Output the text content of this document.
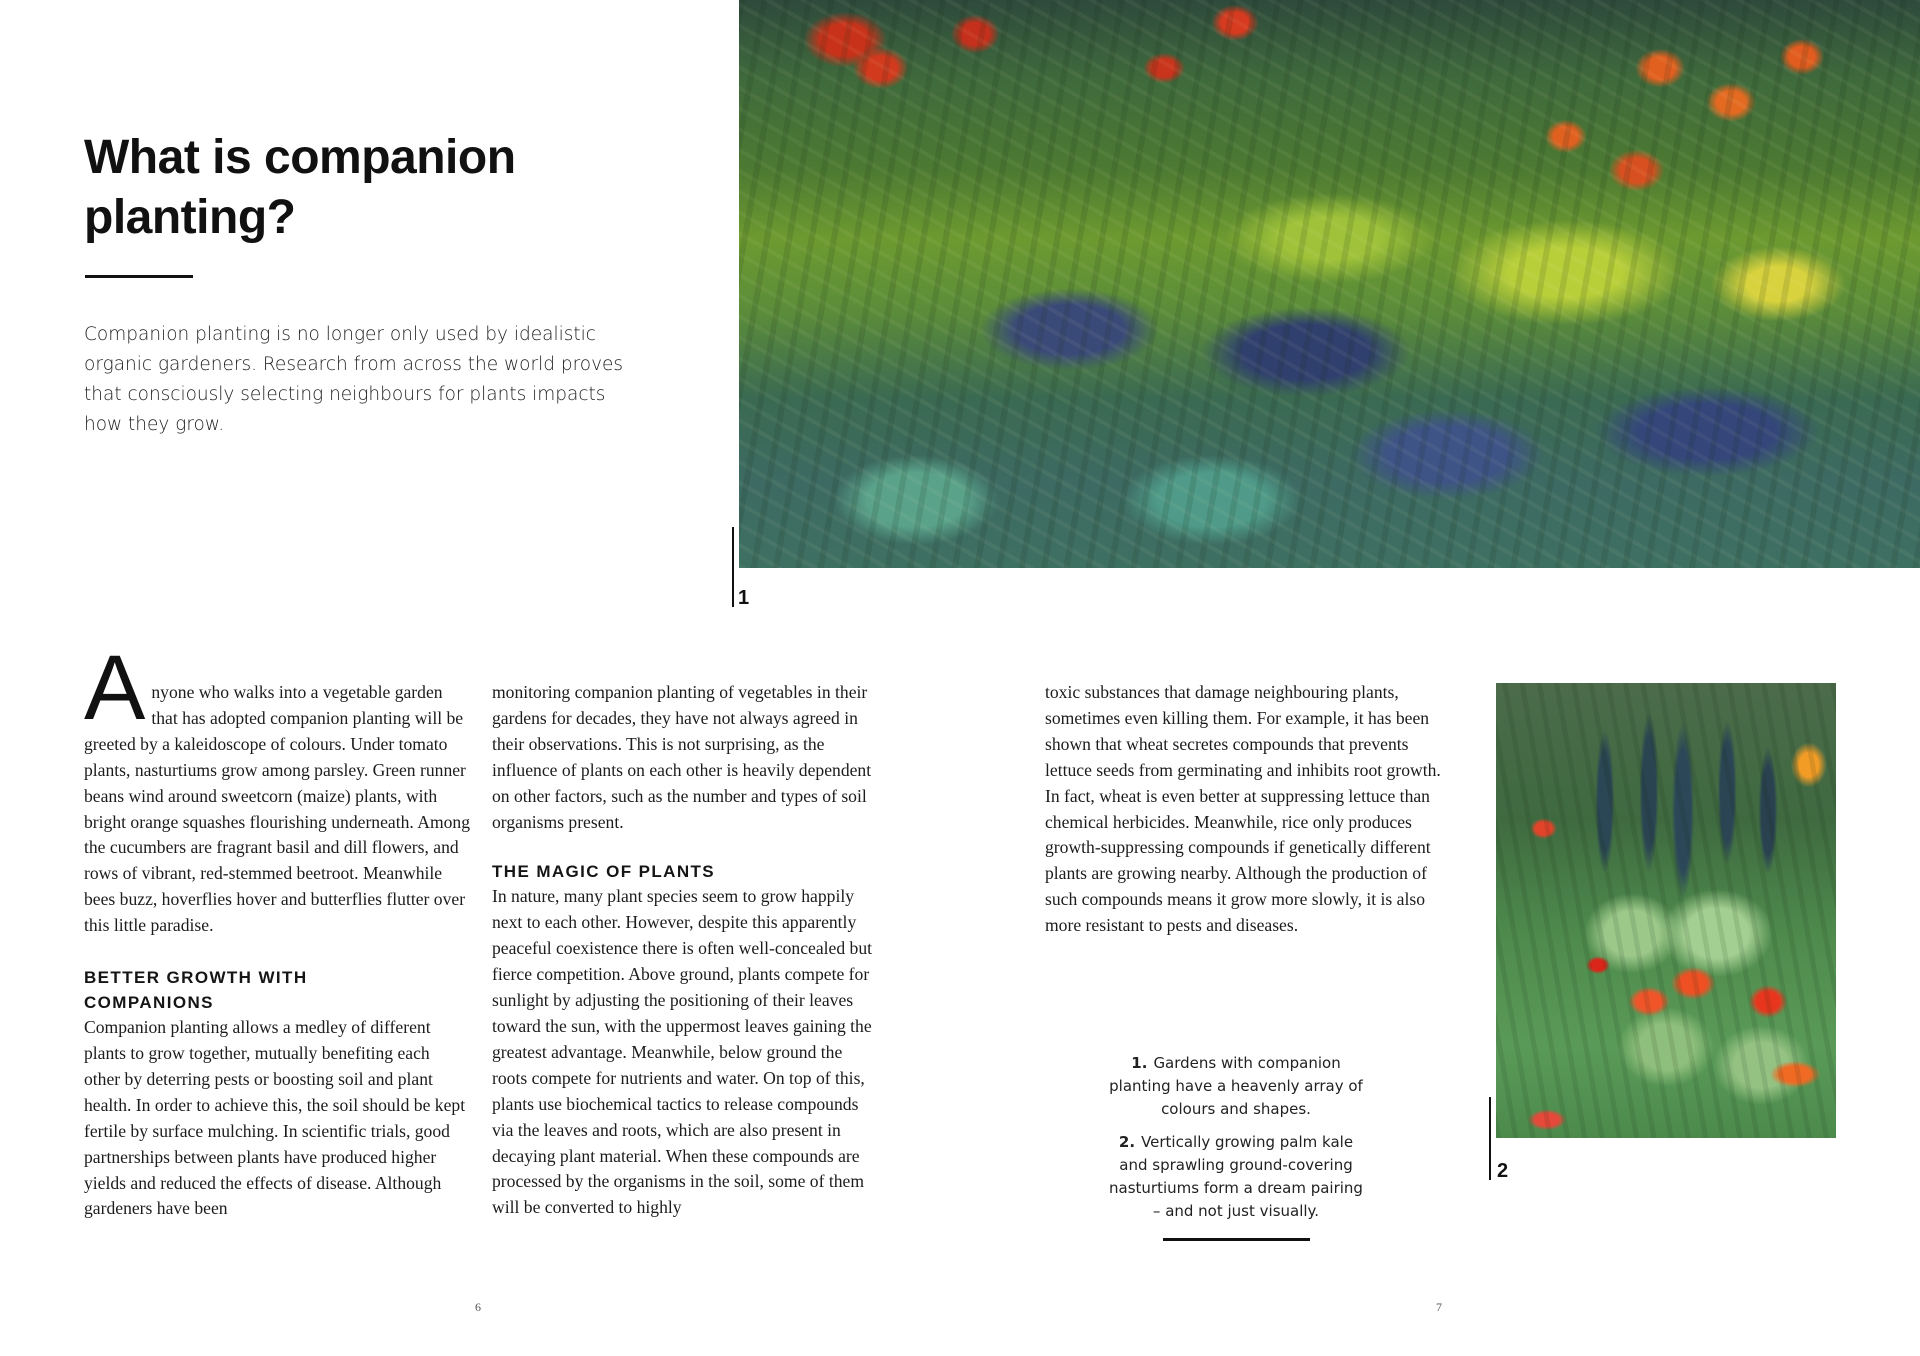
What is companion planting?

Companion planting is no longer only used by idealistic organic gardeners. Research from across the world proves that consciously selecting neighbours for plants impacts how they grow.

A nyone who walks into a vegetable garden that has adopted companion planting will be greeted by a kaleidoscope of colours. Under tomato plants, nasturtiums grow among parsley. Green runner beans wind around sweetcorn (maize) plants, with bright orange squashes flourishing underneath. Among the cucumbers are fragrant basil and dill flowers, and rows of vibrant, red-stemmed beetroot. Meanwhile bees buzz, hoverflies hover and butterflies flutter over this little paradise.

BETTER GROWTH WITH COMPANIONS

Companion planting allows a medley of different plants to grow together, mutually benefiting each other by deterring pests or boosting soil and plant health. In order to achieve this, the soil should be kept fertile by surface mulching. In scientific trials, good partnerships between plants have produced higher yields and reduced the effects of disease. Although gardeners have been

monitoring companion planting of vegetables in their gardens for decades, they have not always agreed in their observations. This is not surprising, as the influence of plants on each other is heavily dependent on other factors, such as the number and types of soil organisms present.

THE MAGIC OF PLANTS

In nature, many plant species seem to grow happily next to each other. However, despite this apparently peaceful coexistence there is often well-concealed but fierce competition. Above ground, plants compete for sunlight by adjusting the positioning of their leaves toward the sun, with the uppermost leaves gaining the greatest advantage. Meanwhile, below ground the roots compete for nutrients and water. On top of this, plants use biochemical tactics to release compounds via the leaves and roots, which are also present in decaying plant material. When these compounds are processed by the organisms in the soil, some of them will be converted to highly

6
1

toxic substances that damage neighbouring plants, sometimes even killing them. For example, it has been shown that wheat secretes compounds that prevents lettuce seeds from germinating and inhibits root growth. In fact, wheat is even better at suppressing lettuce than chemical herbicides. Meanwhile, rice only produces growth-suppressing compounds if genetically different plants are growing nearby. Although the production of such compounds means it grow more slowly, it is also more resistant to pests and diseases.

1. Gardens with companion planting have a heavenly array of colours and shapes.

2. Vertically growing palm kale and sprawling ground-covering nasturtiums form a dream pairing – and not just visually.

2
7
